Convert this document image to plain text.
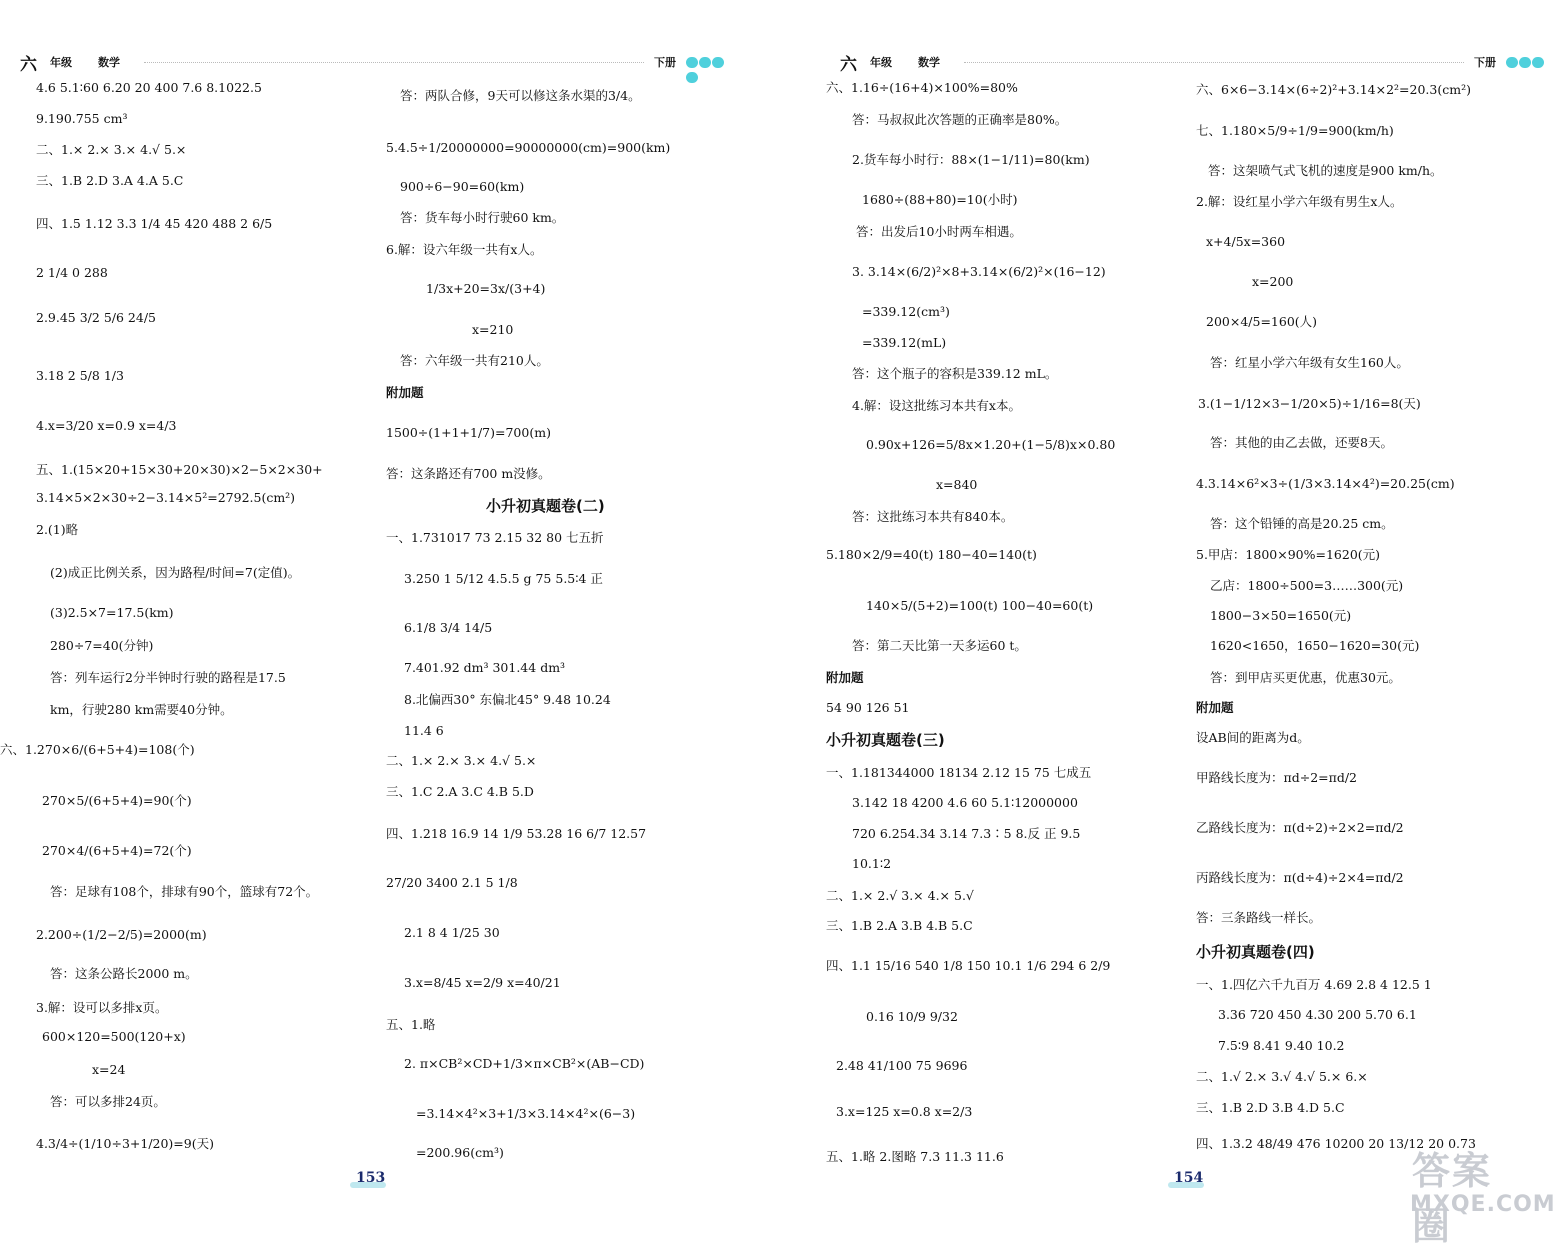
六 年级 数学	下册
4.6 5.1∶60 6.20 20 400 7.6 8.1022.5
9.190.755 cm³
二、1.× 2.× 3.× 4.√ 5.×
三、1.B 2.D 3.A 4.A 5.C
四、1.5 1.12 3.3 1/4 45 420 488 2 6/5
2 1/4 0 288
2.9.45 3/2 5/6 24/5
3.18 2 5/8 1/3
4.x=3/20 x=0.9 x=4/3
五、1.(15×20+15×30+20×30)×2−5×2×30+
3.14×5×2×30÷2−3.14×5²=2792.5(cm²)
2.(1)略
(2)成正比例关系，因为路程/时间=7(定值)。
(3)2.5×7=17.5(km)
280÷7=40(分钟)
答：列车运行2分半钟时行驶的路程是17.5
km，行驶280 km需要40分钟。
六、1.270×6/(6+5+4)=108(个)
270×5/(6+5+4)=90(个)
270×4/(6+5+4)=72(个)
答：足球有108个，排球有90个，篮球有72个。
2.200÷(1/2−2/5)=2000(m)
答：这条公路长2000 m。
3.解：设可以多排x页。
600×120=500(120+x)
x=24
答：可以多排24页。
4.3/4÷(1/10÷3+1/20)=9(天)
答：两队合修，9天可以修这条水渠的3/4。
5.4.5÷1/20000000=90000000(cm)=900(km)
900÷6−90=60(km)
答：货车每小时行驶60 km。
6.解：设六年级一共有x人。
1/3x+20=3x/(3+4)
x=210
答：六年级一共有210人。
附加题
1500÷(1+1+1/7)=700(m)
答：这条路还有700 m没修。
小升初真题卷(二)
一、1.731017 73 2.15 32 80 七五折
3.250 1 5/12 4.5.5 g 75 5.5∶4 正
6.1/8 3/4 14/5
7.401.92 dm³ 301.44 dm³
8.北偏西30° 东偏北45° 9.48 10.24
11.4 6
二、1.× 2.× 3.× 4.√ 5.×
三、1.C 2.A 3.C 4.B 5.D
四、1.218 16.9 14 1/9 53.28 16 6/7 12.57
27/20 3400 2.1 5 1/8
2.1 8 4 1/25 30
3.x=8/45 x=2/9 x=40/21
五、1.略
2. π×CB²×CD+1/3×π×CB²×(AB−CD)
=3.14×4²×3+1/3×3.14×4²×(6−3)
=200.96(cm³)
153
六 年级 数学	下册
六、1.16÷(16+4)×100%=80%
答：马叔叔此次答题的正确率是80%。
2.货车每小时行：88×(1−1/11)=80(km)
1680÷(88+80)=10(小时)
答：出发后10小时两车相遇。
3. 3.14×(6/2)²×8+3.14×(6/2)²×(16−12)
=339.12(cm³)
=339.12(mL)
答：这个瓶子的容积是339.12 mL。
4.解：设这批练习本共有x本。
0.90x+126=5/8x×1.20+(1−5/8)x×0.80
x=840
答：这批练习本共有840本。
5.180×2/9=40(t) 180−40=140(t)
140×5/(5+2)=100(t) 100−40=60(t)
答：第二天比第一天多运60 t。
附加题
54 90 126 51
小升初真题卷(三)
一、1.181344000 18134 2.12 15 75 七成五
3.142 18 4200 4.6 60 5.1∶12000000
720 6.254.34 3.14 7.3∶5 8.反 正 9.5
10.1∶2
二、1.× 2.√ 3.× 4.× 5.√
三、1.B 2.A 3.B 4.B 5.C
四、1.1 15/16 540 1/8 150 10.1 1/6 294 6 2/9
0.16 10/9 9/32
2.48 41/100 75 9696
3.x=125 x=0.8 x=2/3
五、1.略 2.图略 7.3 11.3 11.6
六、6×6−3.14×(6÷2)²+3.14×2²=20.3(cm²)
七、1.180×5/9÷1/9=900(km/h)
答：这架喷气式飞机的速度是900 km/h。
2.解：设红星小学六年级有男生x人。
x+4/5x=360
x=200
200×4/5=160(人)
答：红星小学六年级有女生160人。
3.(1−1/12×3−1/20×5)÷1/16=8(天)
答：其他的由乙去做，还要8天。
4.3.14×6²×3÷(1/3×3.14×4²)=20.25(cm)
答：这个铅锤的高是20.25 cm。
5.甲店：1800×90%=1620(元)
乙店：1800÷500=3……300(元)
1800−3×50=1650(元)
1620<1650，1650−1620=30(元)
答：到甲店买更优惠，优惠30元。
附加题
设AB间的距离为d。
甲路线长度为：πd÷2=πd/2
乙路线长度为：π(d÷2)÷2×2=πd/2
丙路线长度为：π(d÷4)÷2×4=πd/2
答：三条路线一样长。
小升初真题卷(四)
一、1.四亿六千九百万 4.69 2.8 4 12.5 1
3.36 720 450 4.30 200 5.70 6.1
7.5∶9 8.41 9.40 10.2
二、1.√ 2.× 3.√ 4.√ 5.× 6.×
三、1.B 2.D 3.B 4.D 5.C
四、1.3.2 48/49 476 10200 20 13/12 20 0.73
154	答案圈
MXQE.COM
